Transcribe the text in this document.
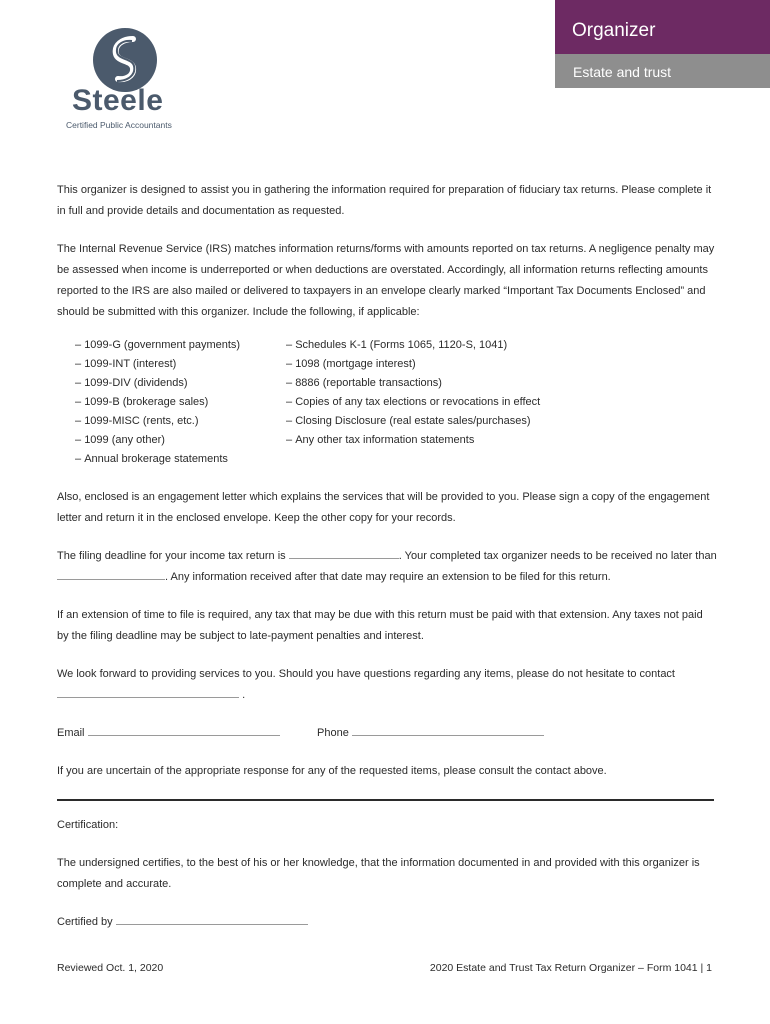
Organizer
Estate and trust
Steele
Certified Public Accountants

This organizer is designed to assist you in gathering the information required for preparation of fiduciary tax returns. Please complete it in full and provide details and documentation as requested.

The Internal Revenue Service (IRS) matches information returns/forms with amounts reported on tax returns. A negligence penalty may be assessed when income is underreported or when deductions are overstated. Accordingly, all information returns reflecting amounts reported to the IRS are also mailed or delivered to taxpayers in an envelope clearly marked “Important Tax Documents Enclosed” and should be submitted with this organizer. Include the following, if applicable:

– 1099-G (government payments)
– 1099-INT (interest)
– 1099-DIV (dividends)
– 1099-B (brokerage sales)
– 1099-MISC (rents, etc.)
– 1099 (any other)
– Annual brokerage statements
– Schedules K-1 (Forms 1065, 1120-S, 1041)
– 1098 (mortgage interest)
– 8886 (reportable transactions)
– Copies of any tax elections or revocations in effect
– Closing Disclosure (real estate sales/purchases)
– Any other tax information statements

Also, enclosed is an engagement letter which explains the services that will be provided to you. Please sign a copy of the engagement letter and return it in the enclosed envelope. Keep the other copy for your records.

The filing deadline for your income tax return is	. Your completed tax organizer needs to be received no later than . Any information received after that date may require an extension to be filed for this return.

If an extension of time to file is required, any tax that may be due with this return must be paid with that extension. Any taxes not paid by the filing deadline may be subject to late-payment penalties and interest.

We look forward to providing services to you. Should you have questions regarding any items, please do not hesitate to contact  .

Email	Phone

If you are uncertain of the appropriate response for any of the requested items, please consult the contact above.

Certification:

The undersigned certifies, to the best of his or her knowledge, that the information documented in and provided with this organizer is complete and accurate.

Certified by

Reviewed Oct. 1, 2020	2020 Estate and Trust Tax Return Organizer – Form 1041 | 1
